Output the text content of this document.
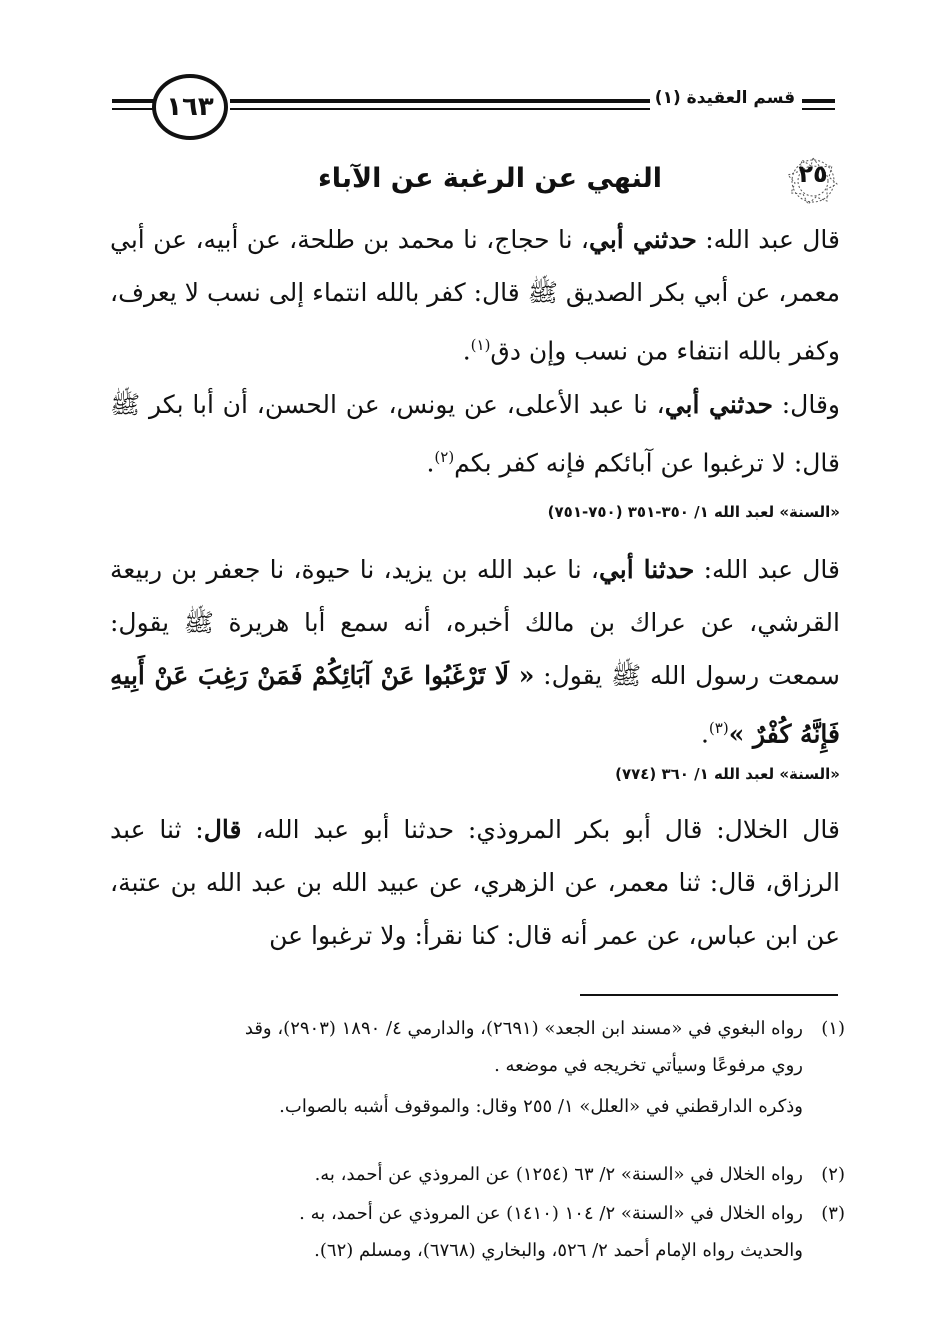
١٦٣	قسم العقيدة (١)
٢٥
النهي عن الرغبة عن الآباء
قال عبد الله: حدثني أبي، نا حجاج، نا محمد بن طلحة، عن أبيه، عن أبي معمر، عن أبي بكر الصديق ﷺ قال: كفر بالله انتماء إلى نسب لا يعرف، وكفر بالله انتفاء من نسب وإن دق$^{(١)}$.
وقال: حدثني أبي، نا عبد الأعلى، عن يونس، عن الحسن، أن أبا بكر ﷺ قال: لا ترغبوا عن آبائكم فإنه كفر بكم$^{(٢)}$.
«السنة» لعبد الله ١/ ٣٥٠-٣٥١ (٧٥٠-٧٥١)
قال عبد الله: حدثنا أبي، نا عبد الله بن يزيد، نا حيوة، نا جعفر بن ربيعة القرشي، عن عراك بن مالك أخبره، أنه سمع أبا هريرة ﷺ يقول: سمعت رسول الله ﷺ يقول: « لَا تَرْغَبُوا عَنْ آبَائِكُمْ فَمَنْ رَغِبَ عَنْ أَبِيهِ فَإِنَّهُ كُفْرٌ »$^{(٣)}$.
«السنة» لعبد الله ١/ ٣٦٠ (٧٧٤)
قال الخلال: قال أبو بكر المروذي: حدثنا أبو عبد الله، قال: ثنا عبد الرزاق، قال: ثنا معمر، عن الزهري، عن عبيد الله بن عبد الله بن عتبة، عن ابن عباس، عن عمر أنه قال: كنا نقرأ: ولا ترغبوا عن
(١)رواه البغوي في «مسند ابن الجعد» (٢٦٩١)، والدارمي ٤/ ١٨٩٠ (٢٩٠٣)، وقد
روي مرفوعًا وسيأتي تخريجه في موضعه .
وذكره الدارقطني في «العلل» ١/ ٢٥٥ وقال: والموقوف أشبه بالصواب.
(٢)رواه الخلال في «السنة» ٢/ ٦٣ (١٢٥٤) عن المروذي عن أحمد، به.
(٣)رواه الخلال في «السنة» ٢/ ١٠٤ (١٤١٠) عن المروذي عن أحمد، به .
والحديث رواه الإمام أحمد ٢/ ٥٢٦، والبخاري (٦٧٦٨)، ومسلم (٦٢).
